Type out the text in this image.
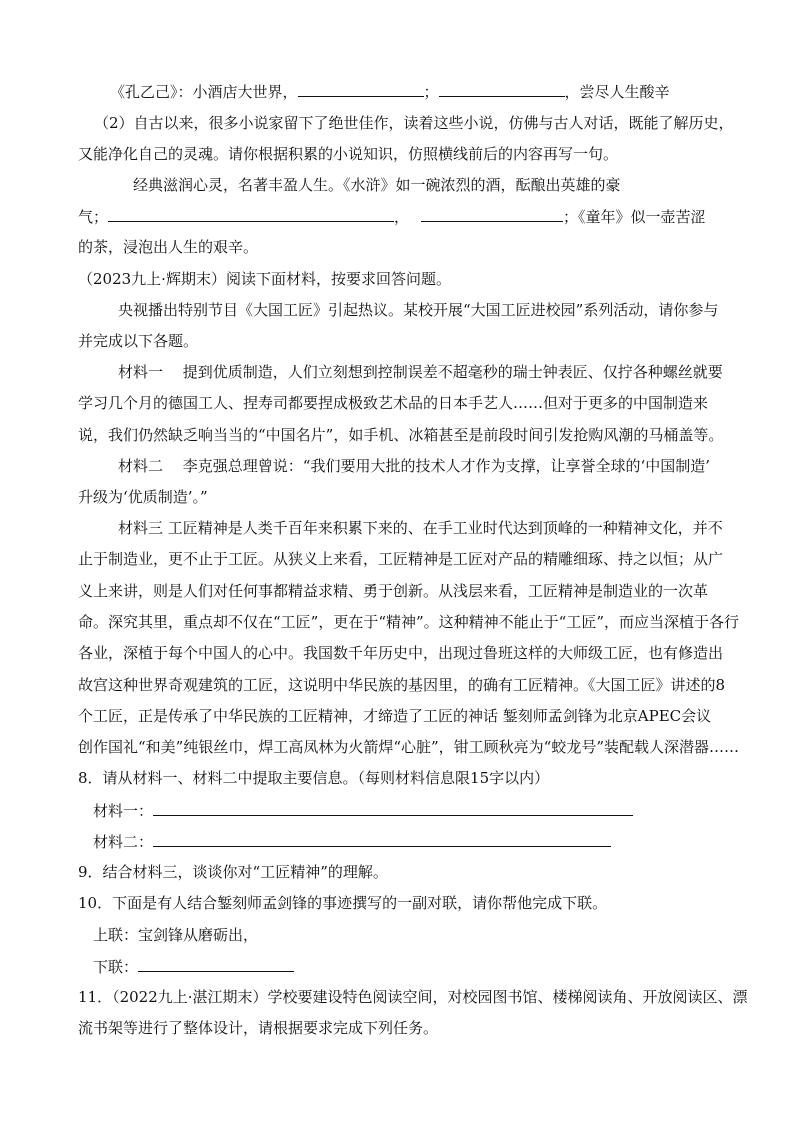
《孔乙己》：小酒店大世界，	；	，尝尽人生酸辛
（2）自古以来，很多小说家留下了绝世佳作，读着这些小说，仿佛与古人对话，既能了解历史，
又能净化自己的灵魂。请你根据积累的小说知识，仿照横线前后的内容再写一句。
经典滋润心灵，名著丰盈人生。《水浒》如一碗浓烈的酒，酝酿出英雄的豪
气；	，	；《童年》似一壶苦涩
的茶，浸泡出人生的艰辛。
（2023九上·辉期末）阅读下面材料，按要求回答问题。
央视播出特别节目《大国工匠》引起热议。某校开展“大国工匠进校园”系列活动，请你参与
并完成以下各题。
材料一　 提到优质制造，人们立刻想到控制误差不超毫秒的瑞士钟表匠、仅拧各种螺丝就要
学习几个月的德国工人、捏寿司都要捏成极致艺术品的日本手艺人……但对于更多的中国制造来
说，我们仍然缺乏响当当的“中国名片”，如手机、冰箱甚至是前段时间引发抢购风潮的马桶盖等。
材料二　 李克强总理曾说：“我们要用大批的技术人才作为支撑，让享誉全球的‘中国制造’
升级为‘优质制造’。”
材料三 工匠精神是人类千百年来积累下来的、在手工业时代达到顶峰的一种精神文化，并不
止于制造业，更不止于工匠。从狭义上来看，工匠精神是工匠对产品的精雕细琢、持之以恒；从广
义上来讲，则是人们对任何事都精益求精、勇于创新。从浅层来看，工匠精神是制造业的一次革
命。深究其里，重点却不仅在“工匠”，更在于“精神”。这种精神不能止于“工匠”，而应当深植于各行
各业，深植于每个中国人的心中。我国数千年历史中，出现过鲁班这样的大师级工匠，也有修造出
故宫这种世界奇观建筑的工匠，这说明中华民族的基因里，的确有工匠精神。《大国工匠》讲述的8
个工匠，正是传承了中华民族的工匠精神，才缔造了工匠的神话 錾刻师孟剑锋为北京APEC会议
创作国礼“和美”纯银丝巾，焊工高凤林为火箭焊“心脏”，钳工顾秋亮为“蛟龙号”装配载人深潜器……
8．请从材料一、材料二中提取主要信息。（每则材料信息限15字以内）
材料一：
材料二：
9．结合材料三，谈谈你对“工匠精神”的理解。
10．下面是有人结合錾刻师孟剑锋的事迹撰写的一副对联，请你帮他完成下联。
上联：宝剑锋从磨砺出，
下联：
11．（2022九上·湛江期末）学校要建设特色阅读空间，对校园图书馆、楼梯阅读角、开放阅读区、漂
流书架等进行了整体设计，请根据要求完成下列任务。
